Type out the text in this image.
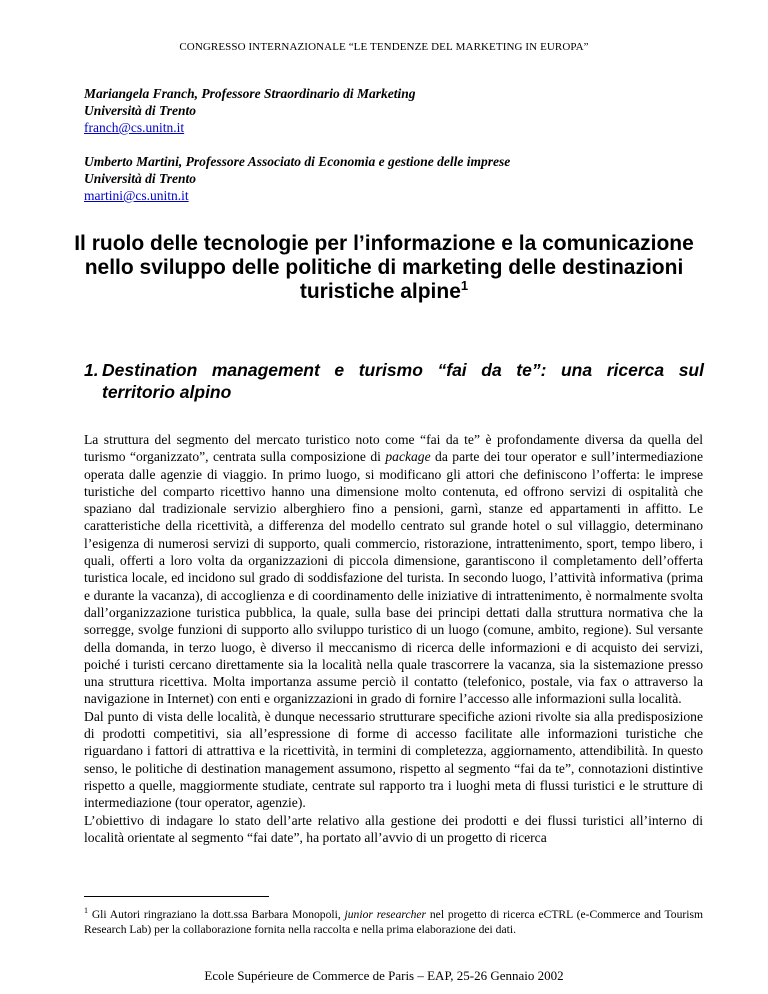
CONGRESSO INTERNAZIONALE “LE TENDENZE DEL MARKETING IN EUROPA”

Mariangela Franch, Professore Straordinario di Marketing

Università di Trento

franch@cs.unitn.it

Umberto Martini, Professore Associato di Economia e gestione delle imprese

Università di Trento

martini@cs.unitn.it

Il ruolo delle tecnologie per l’informazione e la comunicazione
nello sviluppo delle politiche di marketing delle destinazioni
turistiche alpine$^1$
1. Destination management e turismo “fai da te”: una ricerca sul
territorio alpino

La struttura del segmento del mercato turistico noto come “fai da te” è profondamente diversa da quella del turismo “organizzato”, centrata sulla composizione di package da parte dei tour operator e sull’intermediazione operata dalle agenzie di viaggio. In primo luogo, si modificano gli attori che definiscono l’offerta: le imprese turistiche del comparto ricettivo hanno una dimensione molto contenuta, ed offrono servizi di ospitalità che spaziano dal tradizionale servizio alberghiero fino a pensioni, garnì, stanze ed appartamenti in affitto. Le caratteristiche della ricettività, a differenza del modello centrato sul grande hotel o sul villaggio, determinano l’esigenza di numerosi servizi di supporto, quali commercio, ristorazione, intrattenimento, sport, tempo libero, i quali, offerti a loro volta da organizzazioni di piccola dimensione, garantiscono il completamento dell’offerta turistica locale, ed incidono sul grado di soddisfazione del turista. In secondo luogo, l’attività informativa (prima e durante la vacanza), di accoglienza e di coordinamento delle iniziative di intrattenimento, è normalmente svolta dall’organizzazione turistica pubblica, la quale, sulla base dei principi dettati dalla struttura normativa che la sorregge, svolge funzioni di supporto allo sviluppo turistico di un luogo (comune, ambito, regione). Sul versante della domanda, in terzo luogo, è diverso il meccanismo di ricerca delle informazioni e di acquisto dei servizi, poiché i turisti cercano direttamente sia la località nella quale trascorrere la vacanza, sia la sistemazione presso una struttura ricettiva. Molta importanza assume perciò il contatto (telefonico, postale, via fax o attraverso la navigazione in Internet) con enti e organizzazioni in grado di fornire l’accesso alle informazioni sulla località.

Dal punto di vista delle località, è dunque necessario strutturare specifiche azioni rivolte sia alla predisposizione di prodotti competitivi, sia all’espressione di forme di accesso facilitate alle informazioni turistiche che riguardano i fattori di attrattiva e la ricettività, in termini di completezza, aggiornamento, attendibilità. In questo senso, le politiche di destination management assumono, rispetto al segmento “fai da te”, connotazioni distintive rispetto a quelle, maggiormente studiate, centrate sul rapporto tra i luoghi meta di flussi turistici e le strutture di intermediazione (tour operator, agenzie).

L’obiettivo di indagare lo stato dell’arte relativo alla gestione dei prodotti e dei flussi turistici all’interno di località orientate al segmento “fai date”, ha portato all’avvio di un progetto di ricerca

$^1$ Gli Autori ringraziano la dott.ssa Barbara Monopoli, junior researcher nel progetto di ricerca eCTRL (e-Commerce and Tourism Research Lab) per la collaborazione fornita nella raccolta e nella prima elaborazione dei dati.
Ecole Supérieure de Commerce de Paris – EAP, 25-26 Gennaio 2002
